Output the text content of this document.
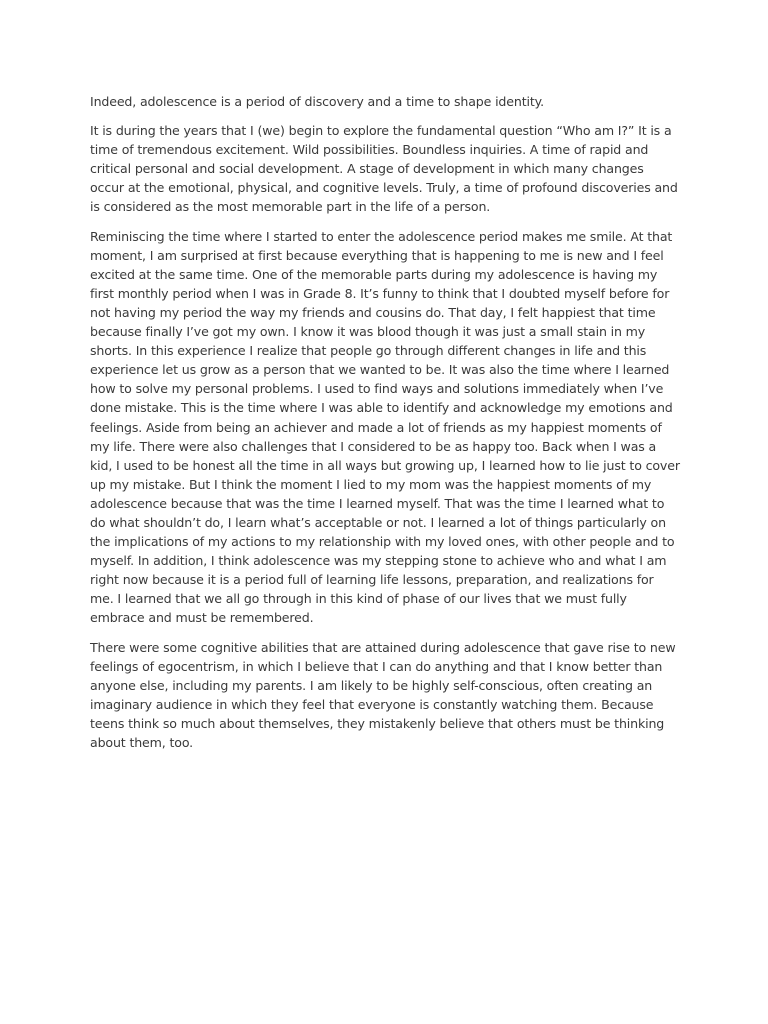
Indeed, adolescence is a period of discovery and a time to shape identity.

It is during the years that I (we) begin to explore the fundamental question “Who am I?” It is a time of tremendous excitement. Wild possibilities. Boundless inquiries. A time of rapid and critical personal and social development. A stage of development in which many changes occur at the emotional, physical, and cognitive levels. Truly, a time of profound discoveries and is considered as the most memorable part in the life of a person.

Reminiscing the time where I started to enter the adolescence period makes me smile. At that moment, I am surprised at first because everything that is happening to me is new and I feel excited at the same time. One of the memorable parts during my adolescence is having my first monthly period when I was in Grade 8. It’s funny to think that I doubted myself before for not having my period the way my friends and cousins do. That day, I felt happiest that time because finally I’ve got my own. I know it was blood though it was just a small stain in my shorts. In this experience I realize that people go through different changes in life and this experience let us grow as a person that we wanted to be. It was also the time where I learned how to solve my personal problems. I used to find ways and solutions immediately when I’ve done mistake. This is the time where I was able to identify and acknowledge my emotions and feelings. Aside from being an achiever and made a lot of friends as my happiest moments of my life. There were also challenges that I considered to be as happy too. Back when I was a kid, I used to be honest all the time in all ways but growing up, I learned how to lie just to cover up my mistake. But I think the moment I lied to my mom was the happiest moments of my adolescence because that was the time I learned myself. That was the time I learned what to do what shouldn’t do, I learn what’s acceptable or not. I learned a lot of things particularly on the implications of my actions to my relationship with my loved ones, with other people and to myself. In addition, I think adolescence was my stepping stone to achieve who and what I am right now because it is a period full of learning life lessons, preparation, and realizations for me. I learned that we all go through in this kind of phase of our lives that we must fully embrace and must be remembered.

There were some cognitive abilities that are attained during adolescence that gave rise to new feelings of egocentrism, in which I believe that I can do anything and that I know better than anyone else, including my parents. I am likely to be highly self-conscious, often creating an imaginary audience in which they feel that everyone is constantly watching them. Because teens think so much about themselves, they mistakenly believe that others must be thinking about them, too.
